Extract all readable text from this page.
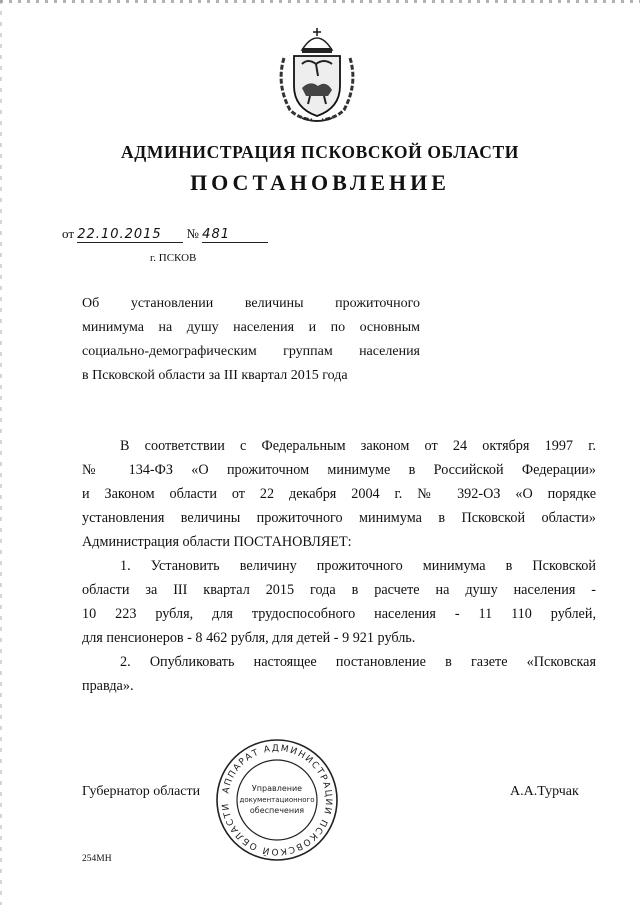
АДМИНИСТРАЦИЯ ПСКОВСКОЙ ОБЛАСТИ
ПОСТАНОВЛЕНИЕ
от 22.10.2015 № 481
г. ПСКОВ
Об установлении величины прожиточного
минимума на душу населения и по основным
социально-демографическим группам населения
в Псковской области за III квартал 2015 года
В соответствии с Федеральным законом от 24 октября 1997 г.
№ 134-ФЗ «О прожиточном минимуме в Российской Федерации»
и Законом области от 22 декабря 2004 г. № 392-ОЗ «О порядке
установления величины прожиточного минимума в Псковской области»
Администрация области ПОСТАНОВЛЯЕТ:
1. Установить величину прожиточного минимума в Псковской
области за III квартал 2015 года в расчете на душу населения -
10 223 рубля, для трудоспособного населения - 11 110 рублей,
для пенсионеров - 8 462 рубля, для детей - 9 921 рубль.
2. Опубликовать настоящее постановление в газете «Псковская
правда».
Губернатор области АППАРАТ АДМИНИСТРАЦИИ ПСКОВСКОЙ ОБЛАСТИ
Управление
документационного
обеспечения
А.А.Турчак
254МН
